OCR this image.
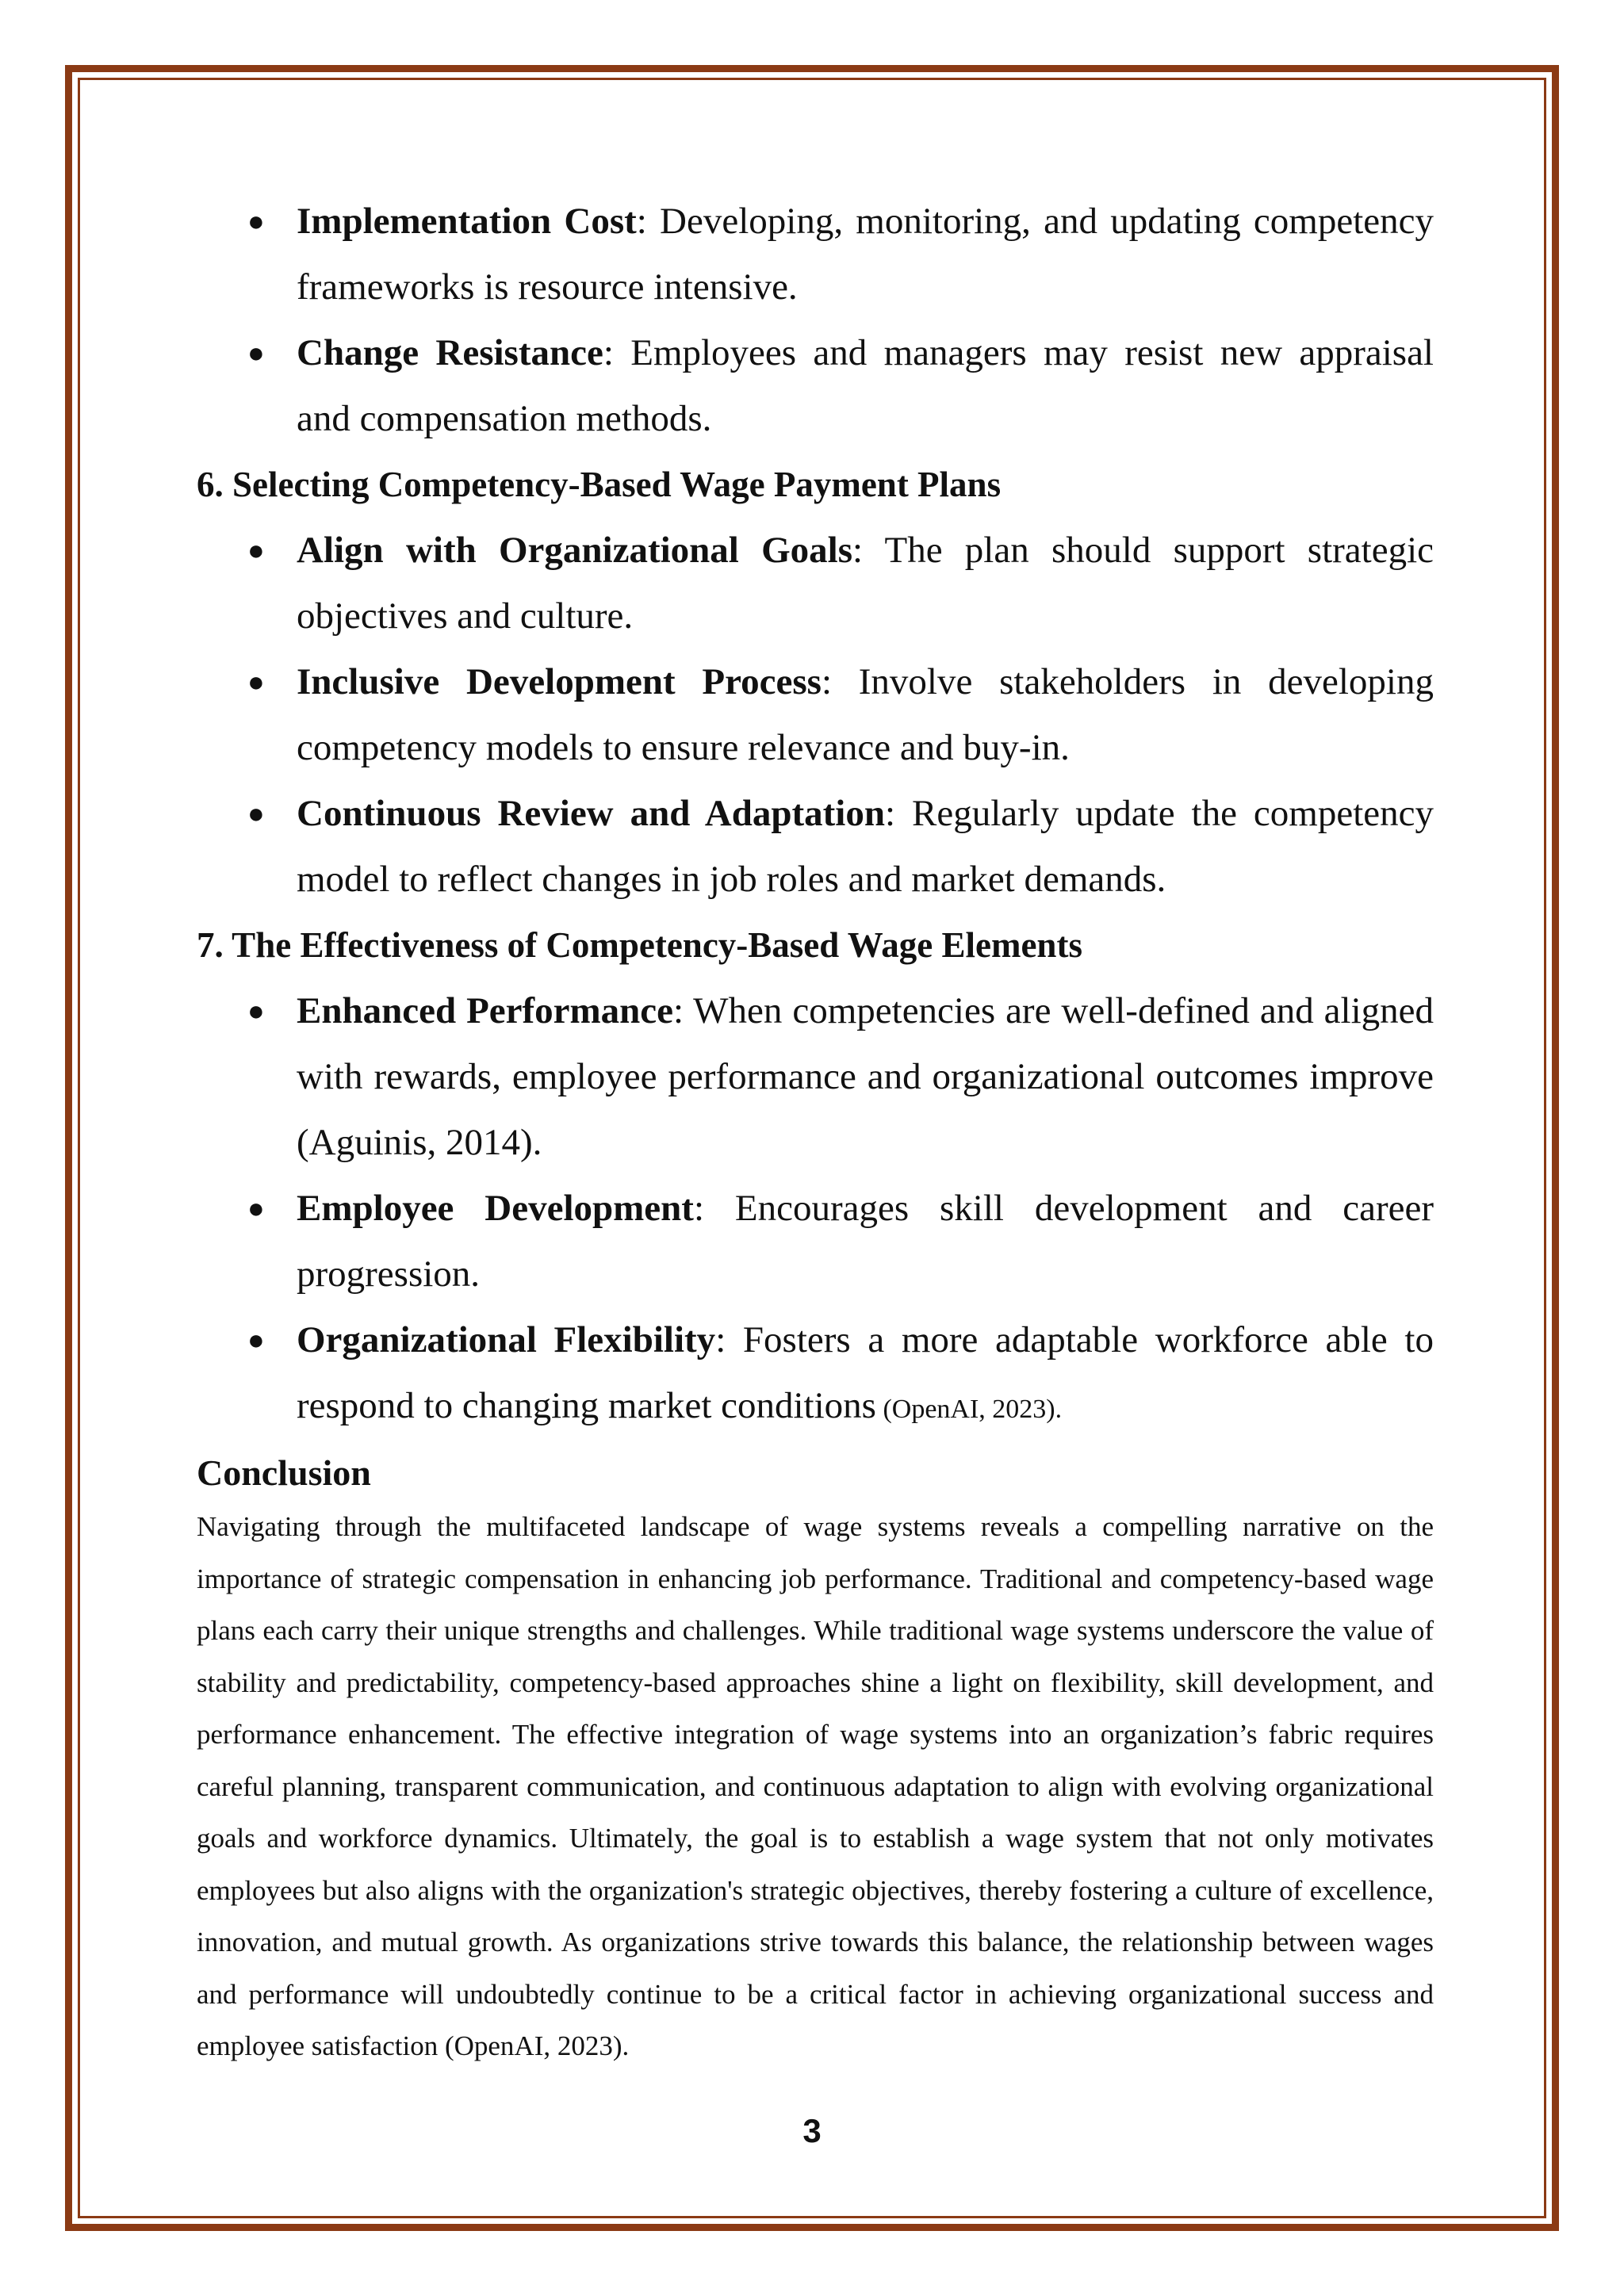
● Implementation Cost: Developing, monitoring, and updating competency frameworks is resource intensive.
● Change Resistance: Employees and managers may resist new appraisal and compensation methods.
6. Selecting Competency-Based Wage Payment Plans
● Align with Organizational Goals: The plan should support strategic objectives and culture.
● Inclusive Development Process: Involve stakeholders in developing competency models to ensure relevance and buy-in.
● Continuous Review and Adaptation: Regularly update the competency model to reflect changes in job roles and market demands.
7. The Effectiveness of Competency-Based Wage Elements
● Enhanced Performance: When competencies are well-defined and aligned with rewards, employee performance and organizational outcomes improve (Aguinis, 2014).
● Employee Development: Encourages skill development and career progression.
● Organizational Flexibility: Fosters a more adaptable workforce able to respond to changing market conditions (OpenAI, 2023).
Conclusion

Navigating through the multifaceted landscape of wage systems reveals a compelling narrative on the importance of strategic compensation in enhancing job performance. Traditional and competency-based wage plans each carry their unique strengths and challenges. While traditional wage systems underscore the value of stability and predictability, competency-based approaches shine a light on flexibility, skill development, and performance enhancement. The effective integration of wage systems into an organization’s fabric requires careful planning, transparent communication, and continuous adaptation to align with evolving organizational goals and workforce dynamics. Ultimately, the goal is to establish a wage system that not only motivates employees but also aligns with the organization's strategic objectives, thereby fostering a culture of excellence, innovation, and mutual growth. As organizations strive towards this balance, the relationship between wages and performance will undoubtedly continue to be a critical factor in achieving organizational success and employee satisfaction (OpenAI, 2023).

3
